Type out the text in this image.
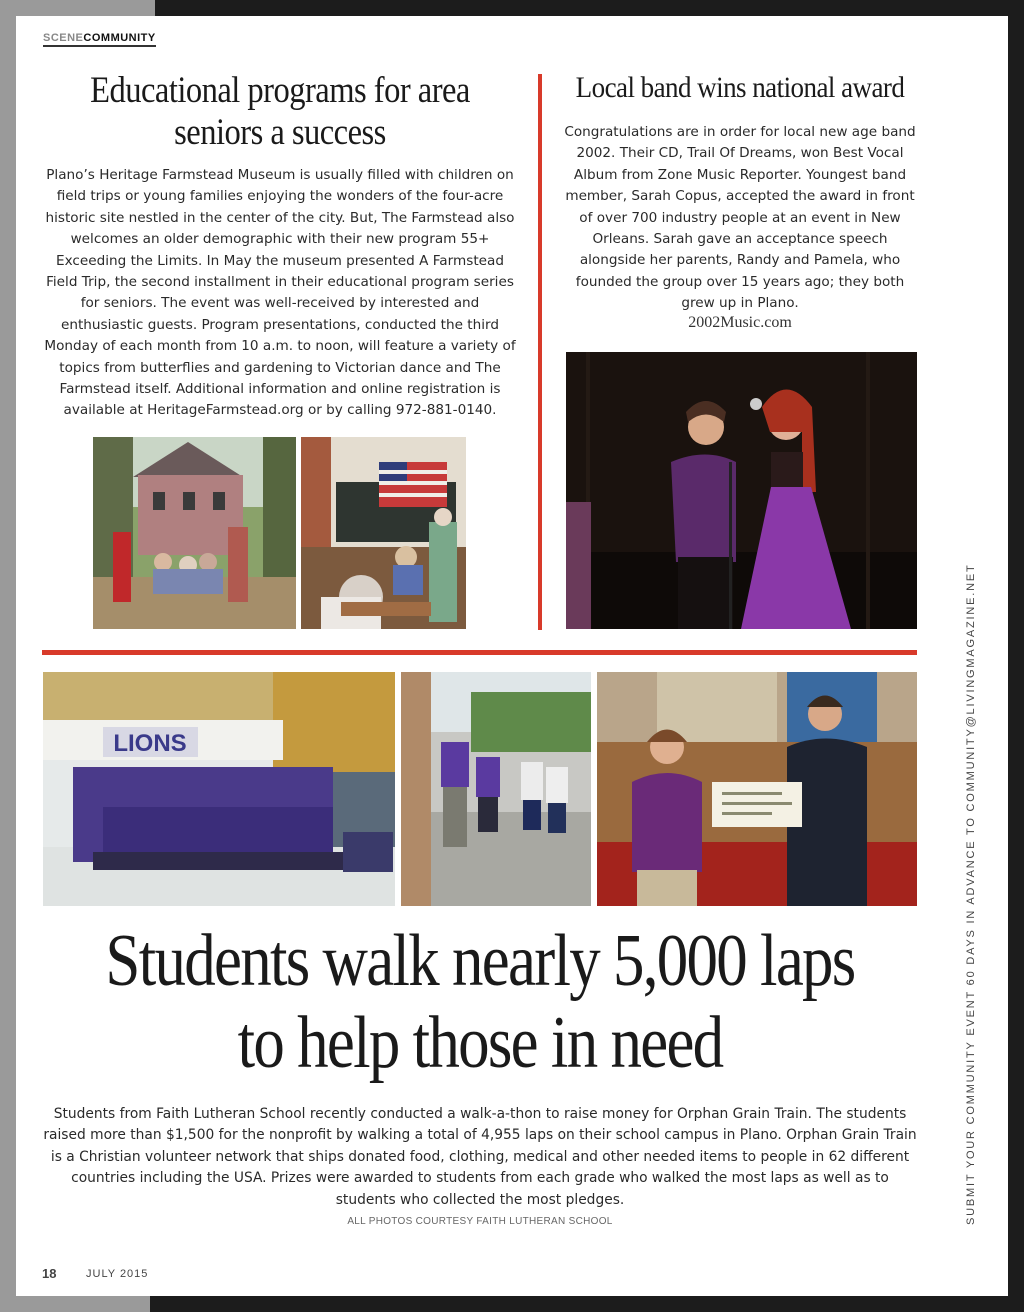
SCENECOMMUNITY
Educational programs for area seniors a success

Plano’s Heritage Farmstead Museum is usually filled with children on field trips or young families enjoying the wonders of the four-acre historic site nestled in the center of the city. But, The Farmstead also welcomes an older demographic with their new program 55+ Exceeding the Limits. In May the museum presented A Farmstead Field Trip, the second installment in their educational program series for seniors. The event was well-received by interested and enthusiastic guests. Program presentations, conducted the third Monday of each month from 10 a.m. to noon, will feature a variety of topics from butterflies and gardening to Victorian dance and The Farmstead itself. Additional information and online registration is available at HeritageFarmstead.org or by calling 972-881-0140.

Local band wins national award

Congratulations are in order for local new age band 2002. Their CD, Trail Of Dreams, won Best Vocal Album from Zone Music Reporter. Youngest band member, Sarah Copus, accepted the award in front of over 700 industry people at an event in New Orleans. Sarah gave an acceptance speech alongside her parents, Randy and Pamela, who founded the group over 15 years ago; they both grew up in Plano.

2002Music.com
LIONS
Students walk nearly 5,000 laps
to help those in need

Students from Faith Lutheran School recently conducted a walk-a-thon to raise money for Orphan Grain Train. The students raised more than $1,500 for the nonprofit by walking a total of 4,955 laps on their school campus in Plano. Orphan Grain Train is a Christian volunteer network that ships donated food, clothing, medical and other needed items to people in 62 different countries including the USA. Prizes were awarded to students from each grade who walked the most laps as well as to students who collected the most pledges.

ALL PHOTOS COURTESY FAITH LUTHERAN SCHOOL	SUBMIT YOUR COMMUNITY EVENT 60 DAYS IN ADVANCE TO COMMUNITY@LIVINGMAGAZINE.NET
18	JULY 2015
